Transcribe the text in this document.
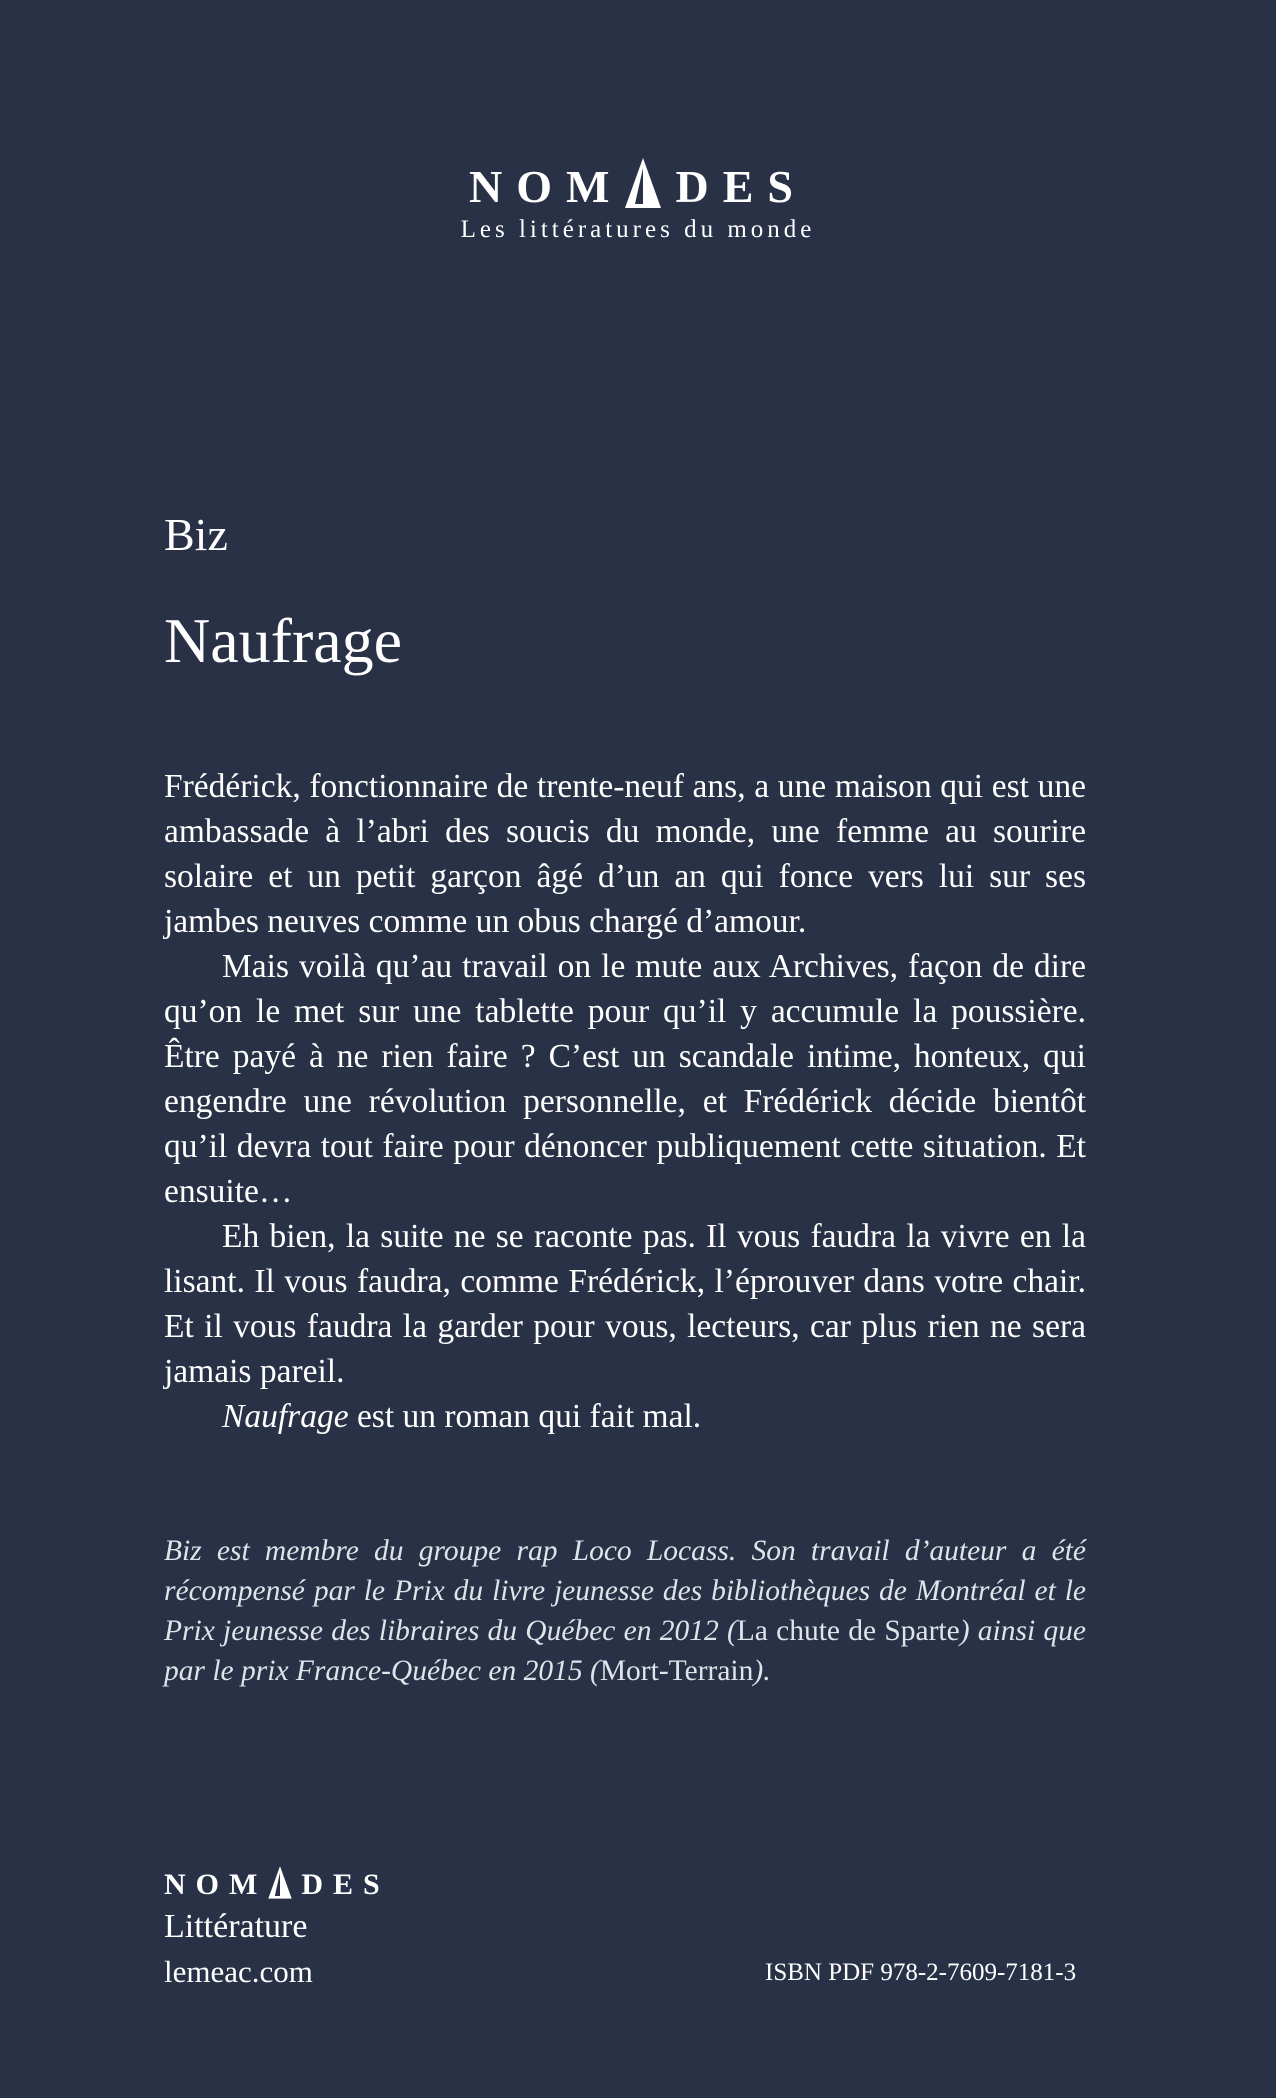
NOM DES
Les littératures du monde
Biz
Naufrage

Frédérick, fonctionnaire de trente-neuf ans, a une maison qui est une ambassade à l’abri des soucis du monde, une femme au sourire solaire et un petit garçon âgé d’un an qui fonce vers lui sur ses jambes neuves comme un obus chargé d’amour.

Mais voilà qu’au travail on le mute aux Archives, façon de dire qu’on le met sur une tablette pour qu’il y accumule la poussière. Être payé à ne rien faire ? C’est un scandale intime, honteux, qui engendre une révolution personnelle, et Frédérick décide bientôt qu’il devra tout faire pour dénoncer publiquement cette situation. Et ensuite…

Eh bien, la suite ne se raconte pas. Il vous faudra la vivre en la lisant. Il vous faudra, comme Frédérick, l’éprouver dans votre chair. Et il vous faudra la garder pour vous, lecteurs, car plus rien ne sera jamais pareil.

Naufrage est un roman qui fait mal.

Biz est membre du groupe rap Loco Locass. Son travail d’auteur a été récompensé par le Prix du livre jeunesse des bibliothèques de Montréal et le Prix jeunesse des libraires du Québec en 2012 (La chute de Sparte) ainsi que par le prix France-Québec en 2015 (Mort-Terrain).
NOM DES
Littérature
lemeac.com	ISBN PDF 978-2-7609-7181-3
